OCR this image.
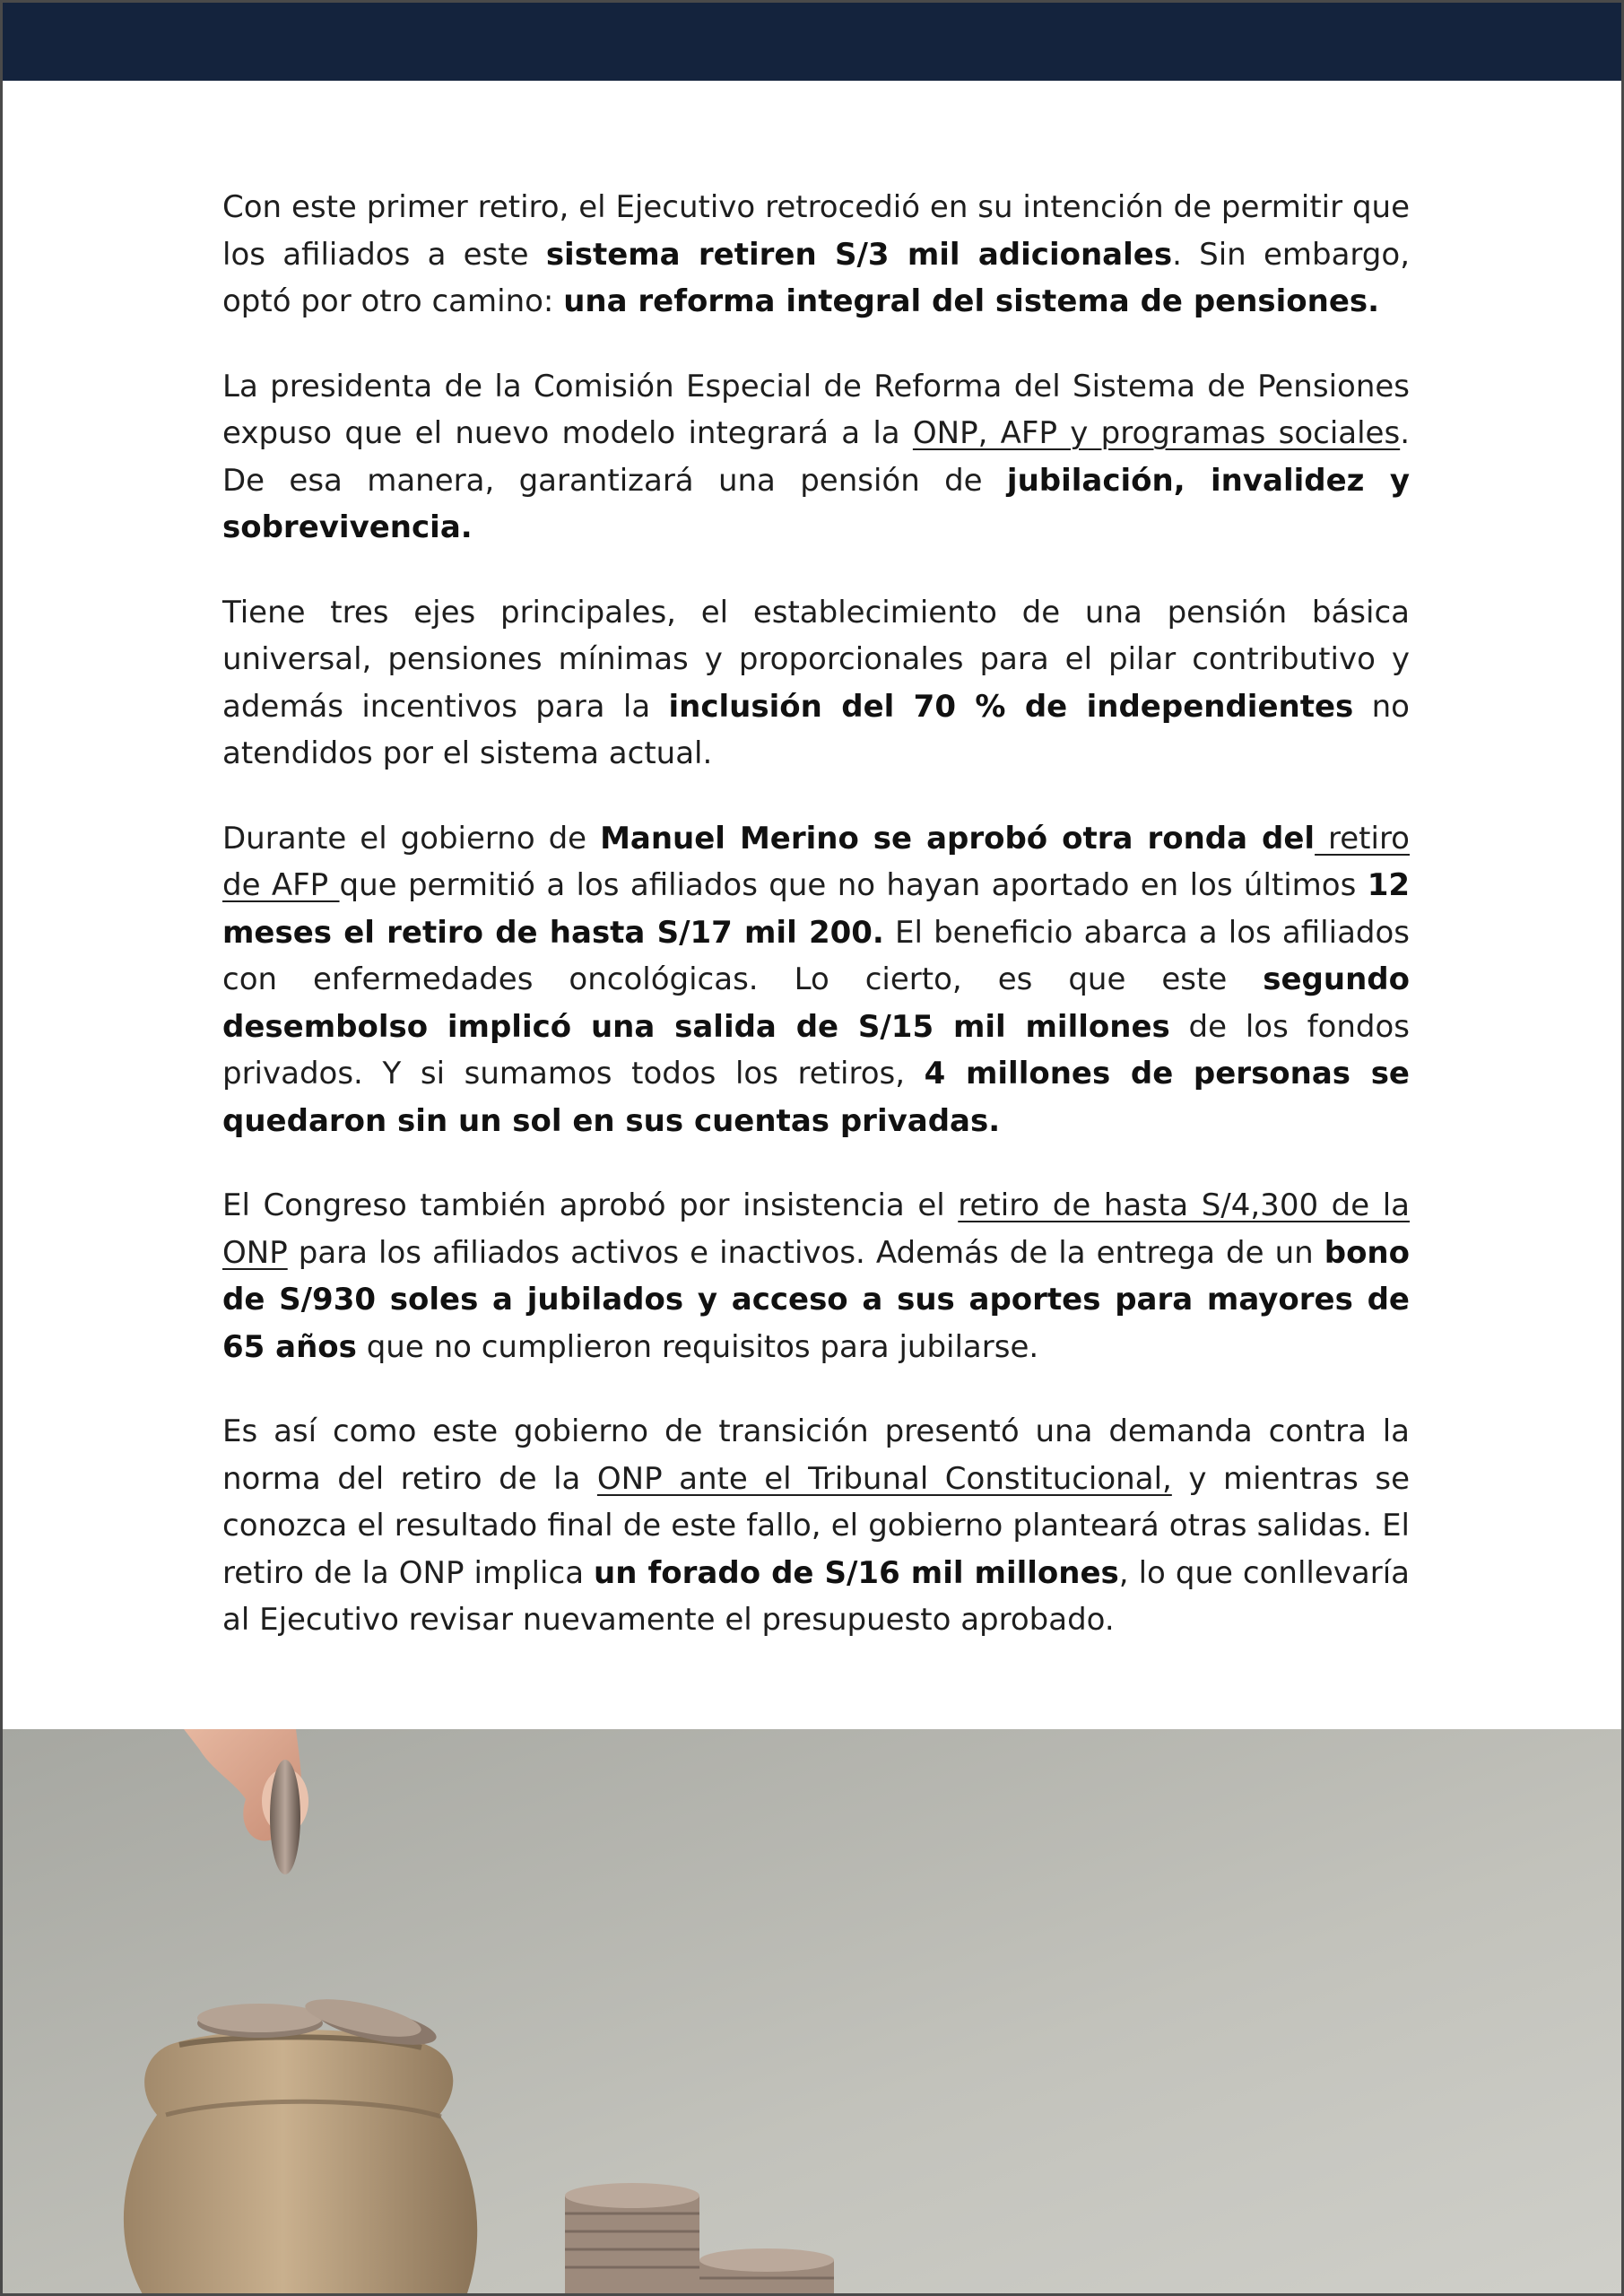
Con este primer retiro, el Ejecutivo retrocedió en su intención de permitir que los afiliados a este sistema retiren S/3 mil adicionales. Sin embargo, optó por otro camino: una reforma integral del sistema de pensiones.

La presidenta de la Comisión Especial de Reforma del Sistema de Pensiones expuso que el nuevo modelo integrará a la ONP, AFP y programas sociales. De esa manera, garantizará una pensión de jubilación, invalidez y sobrevivencia.

Tiene tres ejes principales, el establecimiento de una pensión básica universal, pensiones mínimas y proporcionales para el pilar contributivo y además incentivos para la inclusión del 70 % de independientes no atendidos por el sistema actual.

Durante el gobierno de Manuel Merino se aprobó otra ronda del retiro de AFP que permitió a los afiliados que no hayan aportado en los últimos 12 meses el retiro de hasta S/17 mil 200. El beneficio abarca a los afiliados con enfermedades oncológicas. Lo cierto, es que este segundo desembolso implicó una salida de S/15 mil millones de los fondos privados. Y si sumamos todos los retiros, 4 millones de personas se quedaron sin un sol en sus cuentas privadas.

El Congreso también aprobó por insistencia el retiro de hasta S/4,300 de la ONP para los afiliados activos e inactivos. Además de la entrega de un bono de S/930 soles a jubilados y acceso a sus aportes para mayores de 65 años que no cumplieron requisitos para jubilarse.

Es así como este gobierno de transición presentó una demanda contra la norma del retiro de la ONP ante el Tribunal Constitucional, y mientras se conozca el resultado final de este fallo, el gobierno planteará otras salidas. El retiro de la ONP implica un forado de S/16 mil millones, lo que conllevaría al Ejecutivo revisar nuevamente el presupuesto aprobado.
